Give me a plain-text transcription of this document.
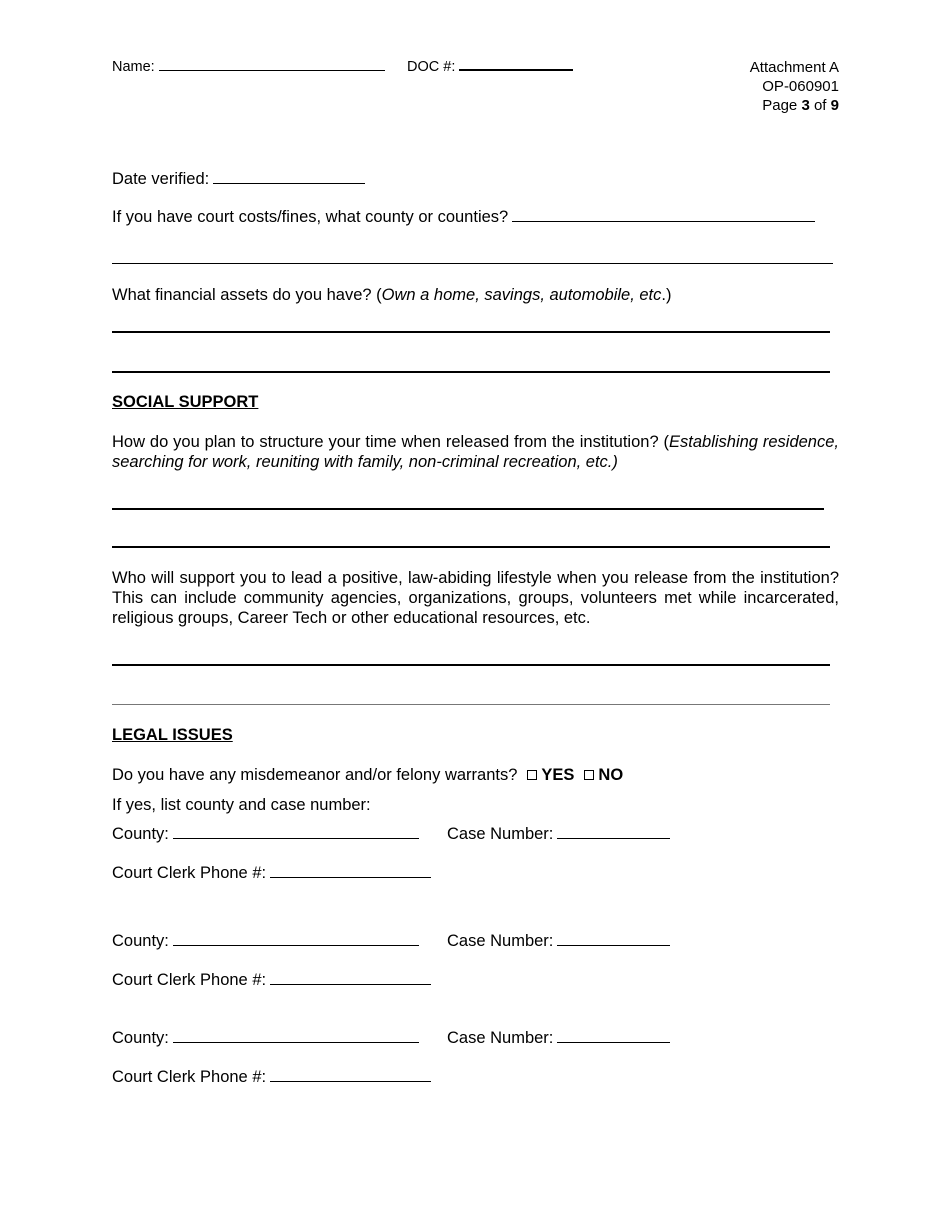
Name:	DOC #:	Attachment A
OP-060901
Page 3 of 9
Date verified:
If you have court costs/fines, what county or counties?
What financial assets do you have? (Own a home, savings, automobile, etc.)
SOCIAL SUPPORT
How do you plan to structure your time when released from the institution? (Establishing residence, searching for work, reuniting with family, non-criminal recreation, etc.)
Who will support you to lead a positive, law-abiding lifestyle when you release from the institution? This can include community agencies, organizations, groups, volunteers met while incarcerated, religious groups, Career Tech or other educational resources, etc.
LEGAL ISSUES
Do you have any misdemeanor and/or felony warrants? YES NO
If yes, list county and case number:
County:	Case Number:
Court Clerk Phone #:
County:	Case Number:
Court Clerk Phone #:
County:	Case Number:
Court Clerk Phone #:
